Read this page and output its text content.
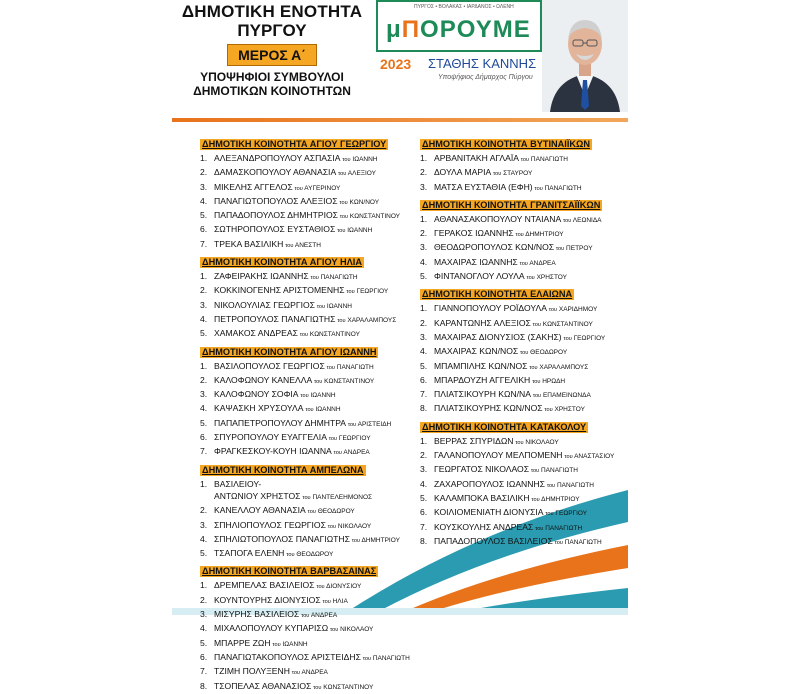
ΔΗΜΟΤΙΚΗ ΕΝΟΤΗΤΑ
ΠΥΡΓΟΥ
ΜΕΡΟΣ Α΄
ΥΠΟΨΗΦΙΟΙ ΣΥΜΒΟΥΛΟΙ
ΔΗΜΟΤΙΚΩΝ ΚΟΙΝΟΤΗΤΩΝ
ΠΥΡΓΟΣ • ΒΟΛΑΚΑΣ • ΙΑΡΔΑΝΟΣ • ΩΛΕΝΗ
μΠΟΡΟΥΜΕ
2023 ΣΤΑΘΗΣ ΚΑΝΝΗΣ
Υποψήφιος Δήμαρχος Πύργου
ΔΗΜΟΤΙΚΗ ΚΟΙΝΟΤΗΤΑ ΑΓΙΟΥ ΓΕΩΡΓΙΟΥ
1. ΑΛΕΞΑΝΔΡΟΠΟΥΛΟΥ ΑΣΠΑΣΙΑ του ΙΩΑΝΝΗ
2. ΔΑΜΑΣΚΟΠΟΥΛΟΥ ΑΘΑΝΑΣΙΑ του ΑΛΕΞΙΟΥ
3. ΜΙΚΕΛΗΣ ΑΓΓΕΛΟΣ του ΑΥΓΕΡΙΝΟΥ
4. ΠΑΝΑΓΙΩΤΟΠΟΥΛΟΣ ΑΛΕΞΙΟΣ του ΚΩΝ/ΝΟΥ
5. ΠΑΠΑΔΟΠΟΥΛΟΣ ΔΗΜΗΤΡΙΟΣ του ΚΩΝΣΤΑΝΤΙΝΟΥ
6. ΣΩΤΗΡΟΠΟΥΛΟΣ ΕΥΣΤΑΘΙΟΣ του ΙΩΑΝΝΗ
7. ΤΡΕΚΑ ΒΑΣΙΛΙΚΗ του ΑΝΕΣΤΗ
ΔΗΜΟΤΙΚΗ ΚΟΙΝΟΤΗΤΑ ΑΓΙΟΥ ΗΛΙΑ
1. ΖΑΦΕΙΡΑΚΗΣ ΙΩΑΝΝΗΣ του ΠΑΝΑΓΙΩΤΗ
2. ΚΟΚΚΙΝΟΓΕΝΗΣ ΑΡΙΣΤΟΜΕΝΗΣ του ΓΕΩΡΓΙΟΥ
3. ΝΙΚΟΛΟΥΛΙΑΣ ΓΕΩΡΓΙΟΣ του ΙΩΑΝΝΗ
4. ΠΕΤΡΟΠΟΥΛΟΣ ΠΑΝΑΓΙΩΤΗΣ του ΧΑΡΑΛΑΜΠΟΥΣ
5. ΧΑΜΑΚΟΣ ΑΝΔΡΕΑΣ του ΚΩΝΣΤΑΝΤΙΝΟΥ
ΔΗΜΟΤΙΚΗ ΚΟΙΝΟΤΗΤΑ ΑΓΙΟΥ ΙΩΑΝΝΗ
1. ΒΑΣΙΛΟΠΟΥΛΟΣ ΓΕΩΡΓΙΟΣ του ΠΑΝΑΓΙΩΤΗ
2. ΚΑΛΟΦΩΝΟΥ ΚΑΝΕΛΛΑ του ΚΩΝΣΤΑΝΤΙΝΟΥ
3. ΚΑΛΟΦΩΝΟΥ ΣΟΦΙΑ του ΙΩΑΝΝΗ
4. ΚΑΨΑΣΚΗ ΧΡΥΣΟΥΛΑ του ΙΩΑΝΝΗ
5. ΠΑΠΑΠΕΤΡΟΠΟΥΛΟΥ ΔΗΜΗΤΡΑ του ΑΡΙΣΤΕΙΔΗ
6. ΣΠΥΡΟΠΟΥΛΟΥ ΕΥΑΓΓΕΛΙΑ του ΓΕΩΡΓΙΟΥ
7. ΦΡΑΓΚΕΣΚΟΥ-ΚΟΥΗ ΙΩΑΝΝΑ του ΑΝΔΡΕΑ
ΔΗΜΟΤΙΚΗ ΚΟΙΝΟΤΗΤΑ ΑΜΠΕΛΩΝΑ
1. ΒΑΣΙΛΕΙΟΥ-
ΑΝΤΩΝΙΟΥ ΧΡΗΣΤΟΣ του ΠΑΝΤΕΛΕΗΜΟΝΟΣ
2. ΚΑΝΕΛΛΟΥ ΑΘΑΝΑΣΙΑ του ΘΕΟΔΩΡΟΥ
3. ΣΠΗΛΙΟΠΟΥΛΟΣ ΓΕΩΡΓΙΟΣ του ΝΙΚΟΛΑΟΥ
4. ΣΠΗΛΙΩΤΟΠΟΥΛΟΣ ΠΑΝΑΓΙΩΤΗΣ του ΔΗΜΗΤΡΙΟΥ
5. ΤΣΑΠΟΓΑ ΕΛΕΝΗ του ΘΕΟΔΩΡΟΥ
ΔΗΜΟΤΙΚΗ ΚΟΙΝΟΤΗΤΑ ΒΑΡΒΑΣΑΙΝΑΣ
1. ΔΡΕΜΠΕΛΑΣ ΒΑΣΙΛΕΙΟΣ του ΔΙΟΝΥΣΙΟΥ
2. ΚΟΥΝΤΟΥΡΗΣ ΔΙΟΝΥΣΙΟΣ του ΗΛΙΑ
3. ΜΙΣΥΡΗΣ ΒΑΣΙΛΕΙΟΣ του ΑΝΔΡΕΑ
4. ΜΙΧΑΛΟΠΟΥΛΟΥ ΚΥΠΑΡΙΣΩ του ΝΙΚΟΛΑΟΥ
5. ΜΠΑΡΡΕ ΖΩΗ του ΙΩΑΝΝΗ
6. ΠΑΝΑΓΙΩΤΑΚΟΠΟΥΛΟΣ ΑΡΙΣΤΕΙΔΗΣ του ΠΑΝΑΓΙΩΤΗ
7. ΤΖΙΜΗ ΠΟΛΥΞΕΝΗ του ΑΝΔΡΕΑ
8. ΤΣΟΠΕΛΑΣ ΑΘΑΝΑΣΙΟΣ του ΚΩΝΣΤΑΝΤΙΝΟΥ
ΔΗΜΟΤΙΚΗ ΚΟΙΝΟΤΗΤΑ ΒΥΤΙΝΑΙΪΚΩΝ
1. ΑΡΒΑΝΙΤΑΚΗ ΑΓΛΑΪΑ του ΠΑΝΑΓΙΩΤΗ
2. ΔΟΥΛΑ ΜΑΡΙΑ του ΣΤΑΥΡΟΥ
3. ΜΑΤΣΑ ΕΥΣΤΑΘΙΑ (ΕΦΗ) του ΠΑΝΑΓΙΩΤΗ
ΔΗΜΟΤΙΚΗ ΚΟΙΝΟΤΗΤΑ ΓΡΑΝΙΤΣΑΪΪΚΩΝ
1. ΑΘΑΝΑΣΑΚΟΠΟΥΛΟΥ ΝΤΑΙΑΝΑ του ΛΕΩΝΙΔΑ
2. ΓΕΡΑΚΟΣ ΙΩΑΝΝΗΣ του ΔΗΜΗΤΡΙΟΥ
3. ΘΕΟΔΩΡΟΠΟΥΛΟΣ ΚΩΝ/ΝΟΣ του ΠΕΤΡΟΥ
4. ΜΑΧΑΙΡΑΣ ΙΩΑΝΝΗΣ του ΑΝΔΡΕΑ
5. ΦΙΝΤΑΝΟΓΛΟΥ ΛΟΥΛΑ του ΧΡΗΣΤΟΥ
ΔΗΜΟΤΙΚΗ ΚΟΙΝΟΤΗΤΑ ΕΛΑΙΩΝΑ
1. ΓΙΑΝΝΟΠΟΥΛΟΥ ΡΟΪΔΟΥΛΑ του ΧΑΡΙΔΗΜΟΥ
2. ΚΑΡΑΝΤΩΝΗΣ ΑΛΕΞΙΟΣ του ΚΩΝΣΤΑΝΤΙΝΟΥ
3. ΜΑΧΑΙΡΑΣ ΔΙΟΝΥΣΙΟΣ (ΣΑΚΗΣ) του ΓΕΩΡΓΙΟΥ
4. ΜΑΧΑΙΡΑΣ ΚΩΝ/ΝΟΣ του ΘΕΟΔΩΡΟΥ
5. ΜΠΑΜΠΙΛΗΣ ΚΩΝ/ΝΟΣ του ΧΑΡΑΛΑΜΠΟΥΣ
6. ΜΠΑΡΔΟΥΖΗ ΑΓΓΕΛΙΚΗ του ΗΡΩΔΗ
7. ΠΛΙΑΤΣΙΚΟΥΡΗ ΚΩΝ/ΝΑ του ΕΠΑΜΕΙΝΩΝΔΑ
8. ΠΛΙΑΤΣΙΚΟΥΡΗΣ ΚΩΝ/ΝΟΣ του ΧΡΗΣΤΟΥ
ΔΗΜΟΤΙΚΗ ΚΟΙΝΟΤΗΤΑ ΚΑΤΑΚΟΛΟΥ
1. ΒΕΡΡΑΣ ΣΠΥΡΙΔΩΝ του ΝΙΚΟΛΑΟΥ
2. ΓΑΛΑΝΟΠΟΥΛΟΥ ΜΕΛΠΟΜΕΝΗ του ΑΝΑΣΤΑΣΙΟΥ
3. ΓΕΩΡΓΑΤΟΣ ΝΙΚΟΛΑΟΣ του ΠΑΝΑΓΙΩΤΗ
4. ΖΑΧΑΡΟΠΟΥΛΟΣ ΙΩΑΝΝΗΣ του ΠΑΝΑΓΙΩΤΗ
5. ΚΑΛΑΜΠΟΚΑ ΒΑΣΙΛΙΚΗ του ΔΗΜΗΤΡΙΟΥ
6. ΚΟΙΛΙΟΜΕΝΙΑΤΗ ΔΙΟΝΥΣΙΑ του ΓΕΩΡΓΙΟΥ
7. ΚΟΥΣΚΟΥΛΗΣ ΑΝΔΡΕΑΣ του ΠΑΝΑΓΙΩΤΗ
8. ΠΑΠΑΔΟΠΟΥΛΟΣ ΒΑΣΙΛΕΙΟΣ του ΠΑΝΑΓΙΩΤΗ
